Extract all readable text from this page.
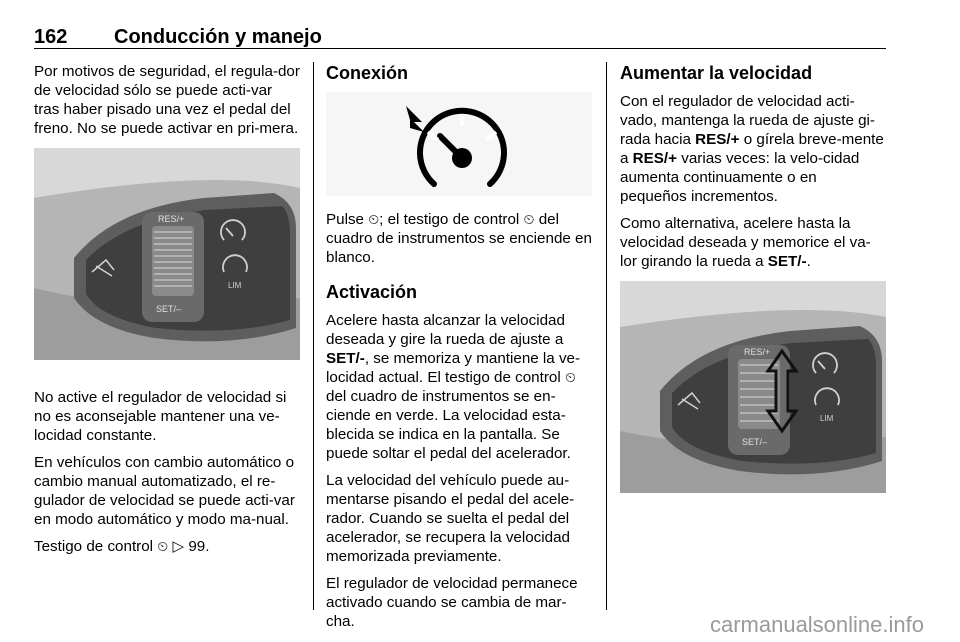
162 Conducción y manejo

Por motivos de seguridad, el regula-dor de velocidad sólo se puede acti-var tras haber pisado una vez el pedal del freno. No se puede activar en pri-mera.

RES/+
SET/–
LIM

No active el regulador de velocidad si no es aconsejable mantener una ve-locidad constante.

En vehículos con cambio automático o cambio manual automatizado, el re-gulador de velocidad se puede acti-var en modo automático y modo ma-nual.

Testigo de control ⏲ ▷ 99.

Conexión

Pulse ⏲; el testigo de control ⏲ del cuadro de instrumentos se enciende en blanco.

Activación

Acelere hasta alcanzar la velocidad deseada y gire la rueda de ajuste a SET/-, se memoriza y mantiene la ve-locidad actual. El testigo de control ⏲ del cuadro de instrumentos se en-ciende en verde. La velocidad esta-blecida se indica en la pantalla. Se puede soltar el pedal del acelerador.

La velocidad del vehículo puede au-mentarse pisando el pedal del acele-rador. Cuando se suelta el pedal del acelerador, se recupera la velocidad memorizada previamente.

El regulador de velocidad permanece activado cuando se cambia de mar-cha.

Aumentar la velocidad

Con el regulador de velocidad acti-vado, mantenga la rueda de ajuste gi-rada hacia RES/+ o gírela breve-mente a RES/+ varias veces: la velo-cidad aumenta continuamente o en pequeños incrementos.

Como alternativa, acelere hasta la velocidad deseada y memorice el va-lor girando la rueda a SET/-.

RES/+
SET/–
LIM
carmanualsonline.info
